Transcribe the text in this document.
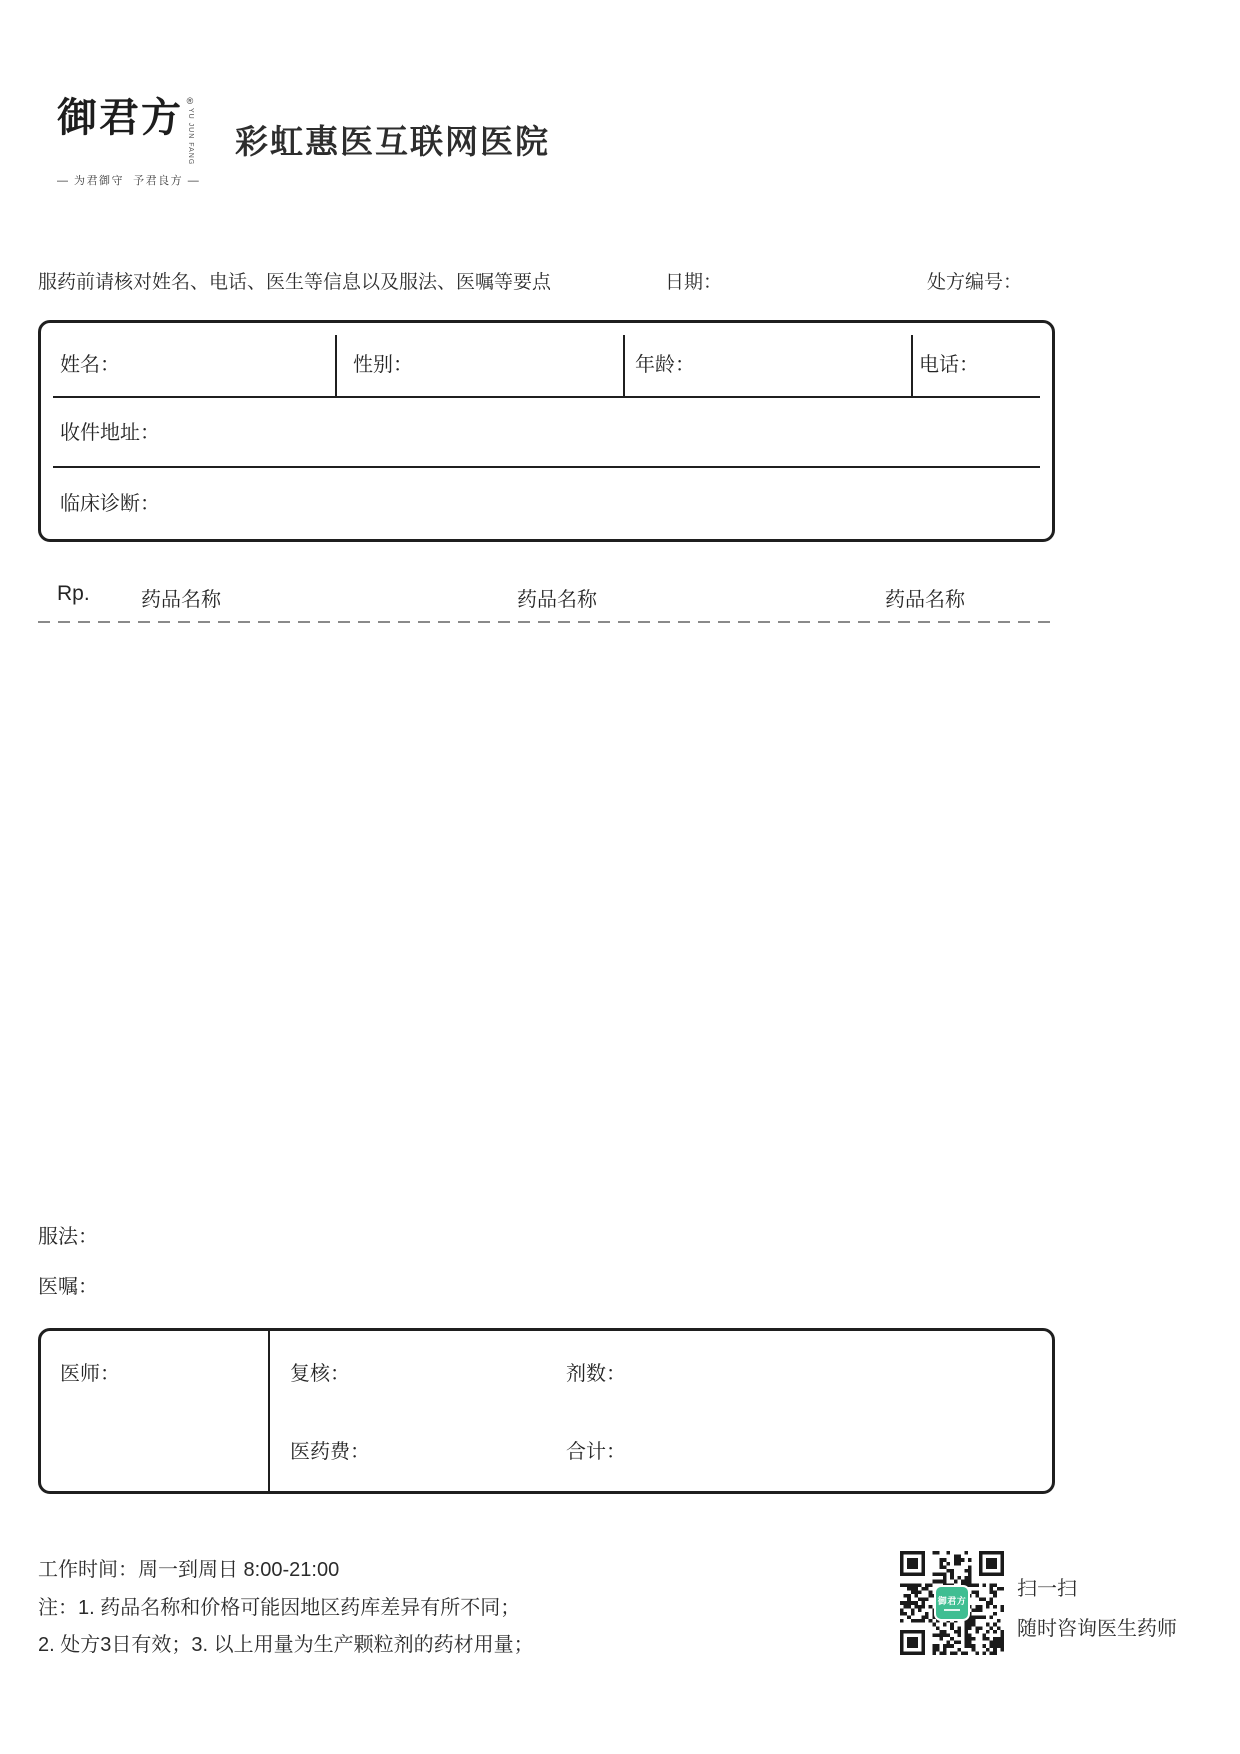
御君方 ®
YU JUN FANG
— 为君御守  予君良方 —
彩虹惠医互联网医院
服药前请核对姓名、电话、医生等信息以及服法、医嘱等要点	日期：	处方编号：
姓名：	性别：	年龄：	电话：
收件地址：
临床诊断：
Rp.	药品名称	药品名称	药品名称
服法：
医嘱：
医师：	复核：	剂数：
医药费：	合计：
工作时间：周一到周日 8:00-21:00
注：1. 药品名称和价格可能因地区药库差异有所不同；
2. 处方3日有效；3. 以上用量为生产颗粒剂的药材用量；
御君方
扫一扫
随时咨询医生药师
